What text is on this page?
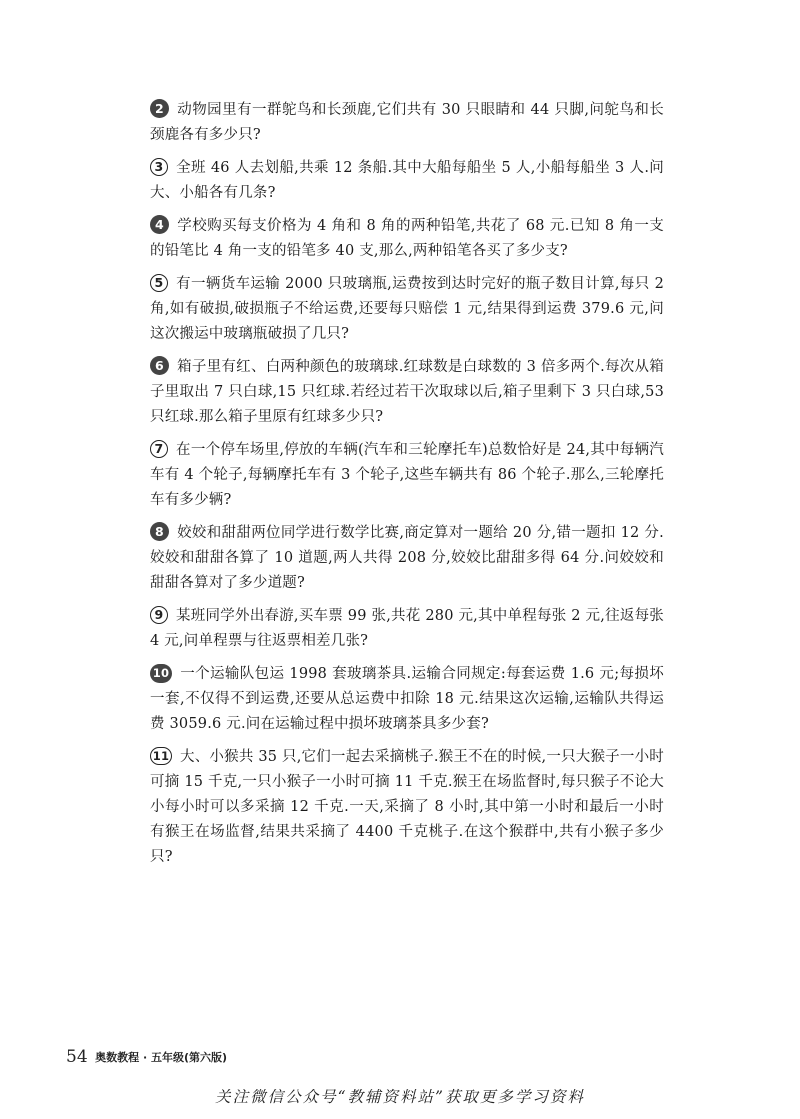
2 动物园里有一群鸵鸟和长颈鹿,它们共有 30 只眼睛和 44 只脚,问鸵鸟和长颈鹿各有多少只?

3 全班 46 人去划船,共乘 12 条船.其中大船每船坐 5 人,小船每船坐 3 人.问大、小船各有几条?

4 学校购买每支价格为 4 角和 8 角的两种铅笔,共花了 68 元.已知 8 角一支的铅笔比 4 角一支的铅笔多 40 支,那么,两种铅笔各买了多少支?

5 有一辆货车运输 2000 只玻璃瓶,运费按到达时完好的瓶子数目计算,每只 2 角,如有破损,破损瓶子不给运费,还要每只赔偿 1 元,结果得到运费 379.6 元,问这次搬运中玻璃瓶破损了几只?

6 箱子里有红、白两种颜色的玻璃球.红球数是白球数的 3 倍多两个.每次从箱子里取出 7 只白球,15 只红球.若经过若干次取球以后,箱子里剩下 3 只白球,53 只红球.那么箱子里原有红球多少只?

7 在一个停车场里,停放的车辆(汽车和三轮摩托车)总数恰好是 24,其中每辆汽车有 4 个轮子,每辆摩托车有 3 个轮子,这些车辆共有 86 个轮子.那么,三轮摩托车有多少辆?

8 姣姣和甜甜两位同学进行数学比赛,商定算对一题给 20 分,错一题扣 12 分.姣姣和甜甜各算了 10 道题,两人共得 208 分,姣姣比甜甜多得 64 分.问姣姣和甜甜各算对了多少道题?

9 某班同学外出春游,买车票 99 张,共花 280 元,其中单程每张 2 元,往返每张 4 元,问单程票与往返票相差几张?

10 一个运输队包运 1998 套玻璃茶具.运输合同规定:每套运费 1.6 元;每损坏一套,不仅得不到运费,还要从总运费中扣除 18 元.结果这次运输,运输队共得运费 3059.6 元.问在运输过程中损坏玻璃茶具多少套?

11 大、小猴共 35 只,它们一起去采摘桃子.猴王不在的时候,一只大猴子一小时可摘 15 千克,一只小猴子一小时可摘 11 千克.猴王在场监督时,每只猴子不论大小每小时可以多采摘 12 千克.一天,采摘了 8 小时,其中第一小时和最后一小时有猴王在场监督,结果共采摘了 4400 千克桃子.在这个猴群中,共有小猴子多少只?

54 奥数教程 · 五年级(第六版)
关注微信公众号“教辅资料站”获取更多学习资料
